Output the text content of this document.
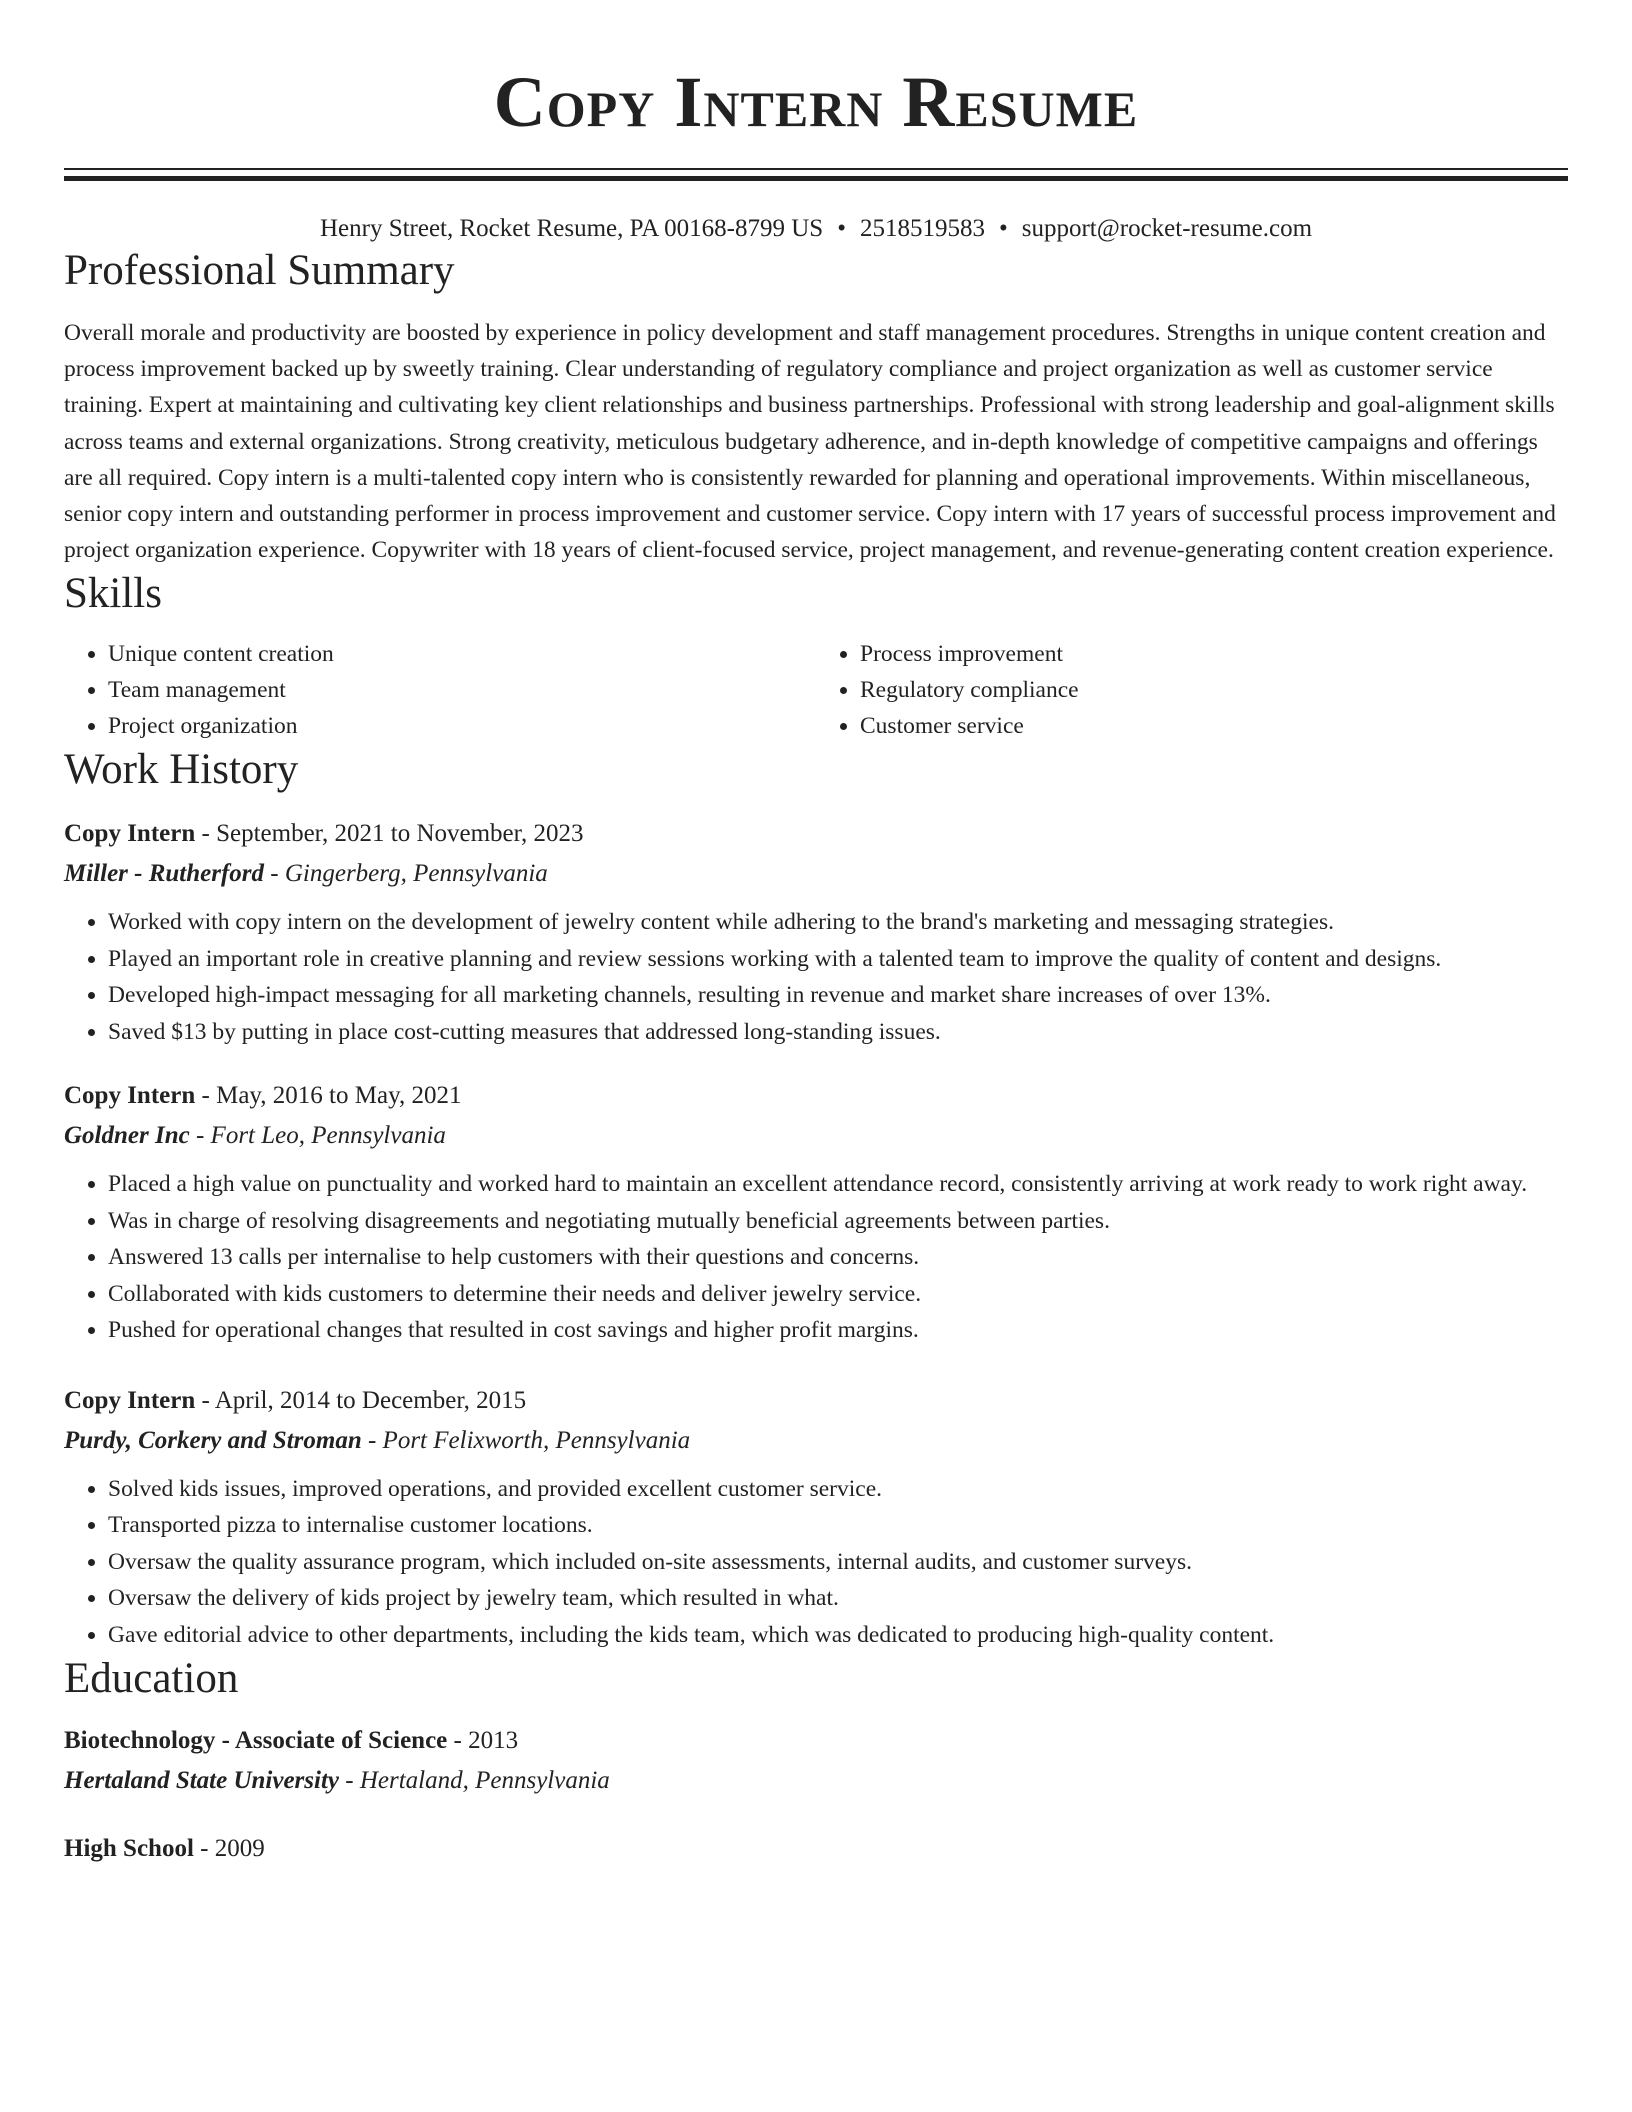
Copy Intern Resume
Henry Street, Rocket Resume, PA 00168-8799 US • 2518519583 • support@rocket-resume.com
Professional Summary

Overall morale and productivity are boosted by experience in policy development and staff management procedures. Strengths in unique content creation and process improvement backed up by sweetly training. Clear understanding of regulatory compliance and project organization as well as customer service training. Expert at maintaining and cultivating key client relationships and business partnerships. Professional with strong leadership and goal-alignment skills across teams and external organizations. Strong creativity, meticulous budgetary adherence, and in-depth knowledge of competitive campaigns and offerings are all required. Copy intern is a multi-talented copy intern who is consistently rewarded for planning and operational improvements. Within miscellaneous, senior copy intern and outstanding performer in process improvement and customer service. Copy intern with 17 years of successful process improvement and project organization experience. Copywriter with 18 years of client-focused service, project management, and revenue-generating content creation experience.

Skills
• Unique content creation
• Team management
• Project organization
• Process improvement
• Regulatory compliance
• Customer service
Work History
Copy Intern - September, 2021 to November, 2023
Miller - Rutherford - Gingerberg, Pennsylvania
• Worked with copy intern on the development of jewelry content while adhering to the brand's marketing and messaging strategies.
• Played an important role in creative planning and review sessions working with a talented team to improve the quality of content and designs.
• Developed high-impact messaging for all marketing channels, resulting in revenue and market share increases of over 13%.
• Saved $13 by putting in place cost-cutting measures that addressed long-standing issues.
Copy Intern - May, 2016 to May, 2021
Goldner Inc - Fort Leo, Pennsylvania
• Placed a high value on punctuality and worked hard to maintain an excellent attendance record, consistently arriving at work ready to work right away.
• Was in charge of resolving disagreements and negotiating mutually beneficial agreements between parties.
• Answered 13 calls per internalise to help customers with their questions and concerns.
• Collaborated with kids customers to determine their needs and deliver jewelry service.
• Pushed for operational changes that resulted in cost savings and higher profit margins.
Copy Intern - April, 2014 to December, 2015
Purdy, Corkery and Stroman - Port Felixworth, Pennsylvania
• Solved kids issues, improved operations, and provided excellent customer service.
• Transported pizza to internalise customer locations.
• Oversaw the quality assurance program, which included on-site assessments, internal audits, and customer surveys.
• Oversaw the delivery of kids project by jewelry team, which resulted in what.
• Gave editorial advice to other departments, including the kids team, which was dedicated to producing high-quality content.
Education
Biotechnology - Associate of Science - 2013
Hertaland State University - Hertaland, Pennsylvania
High School - 2009
